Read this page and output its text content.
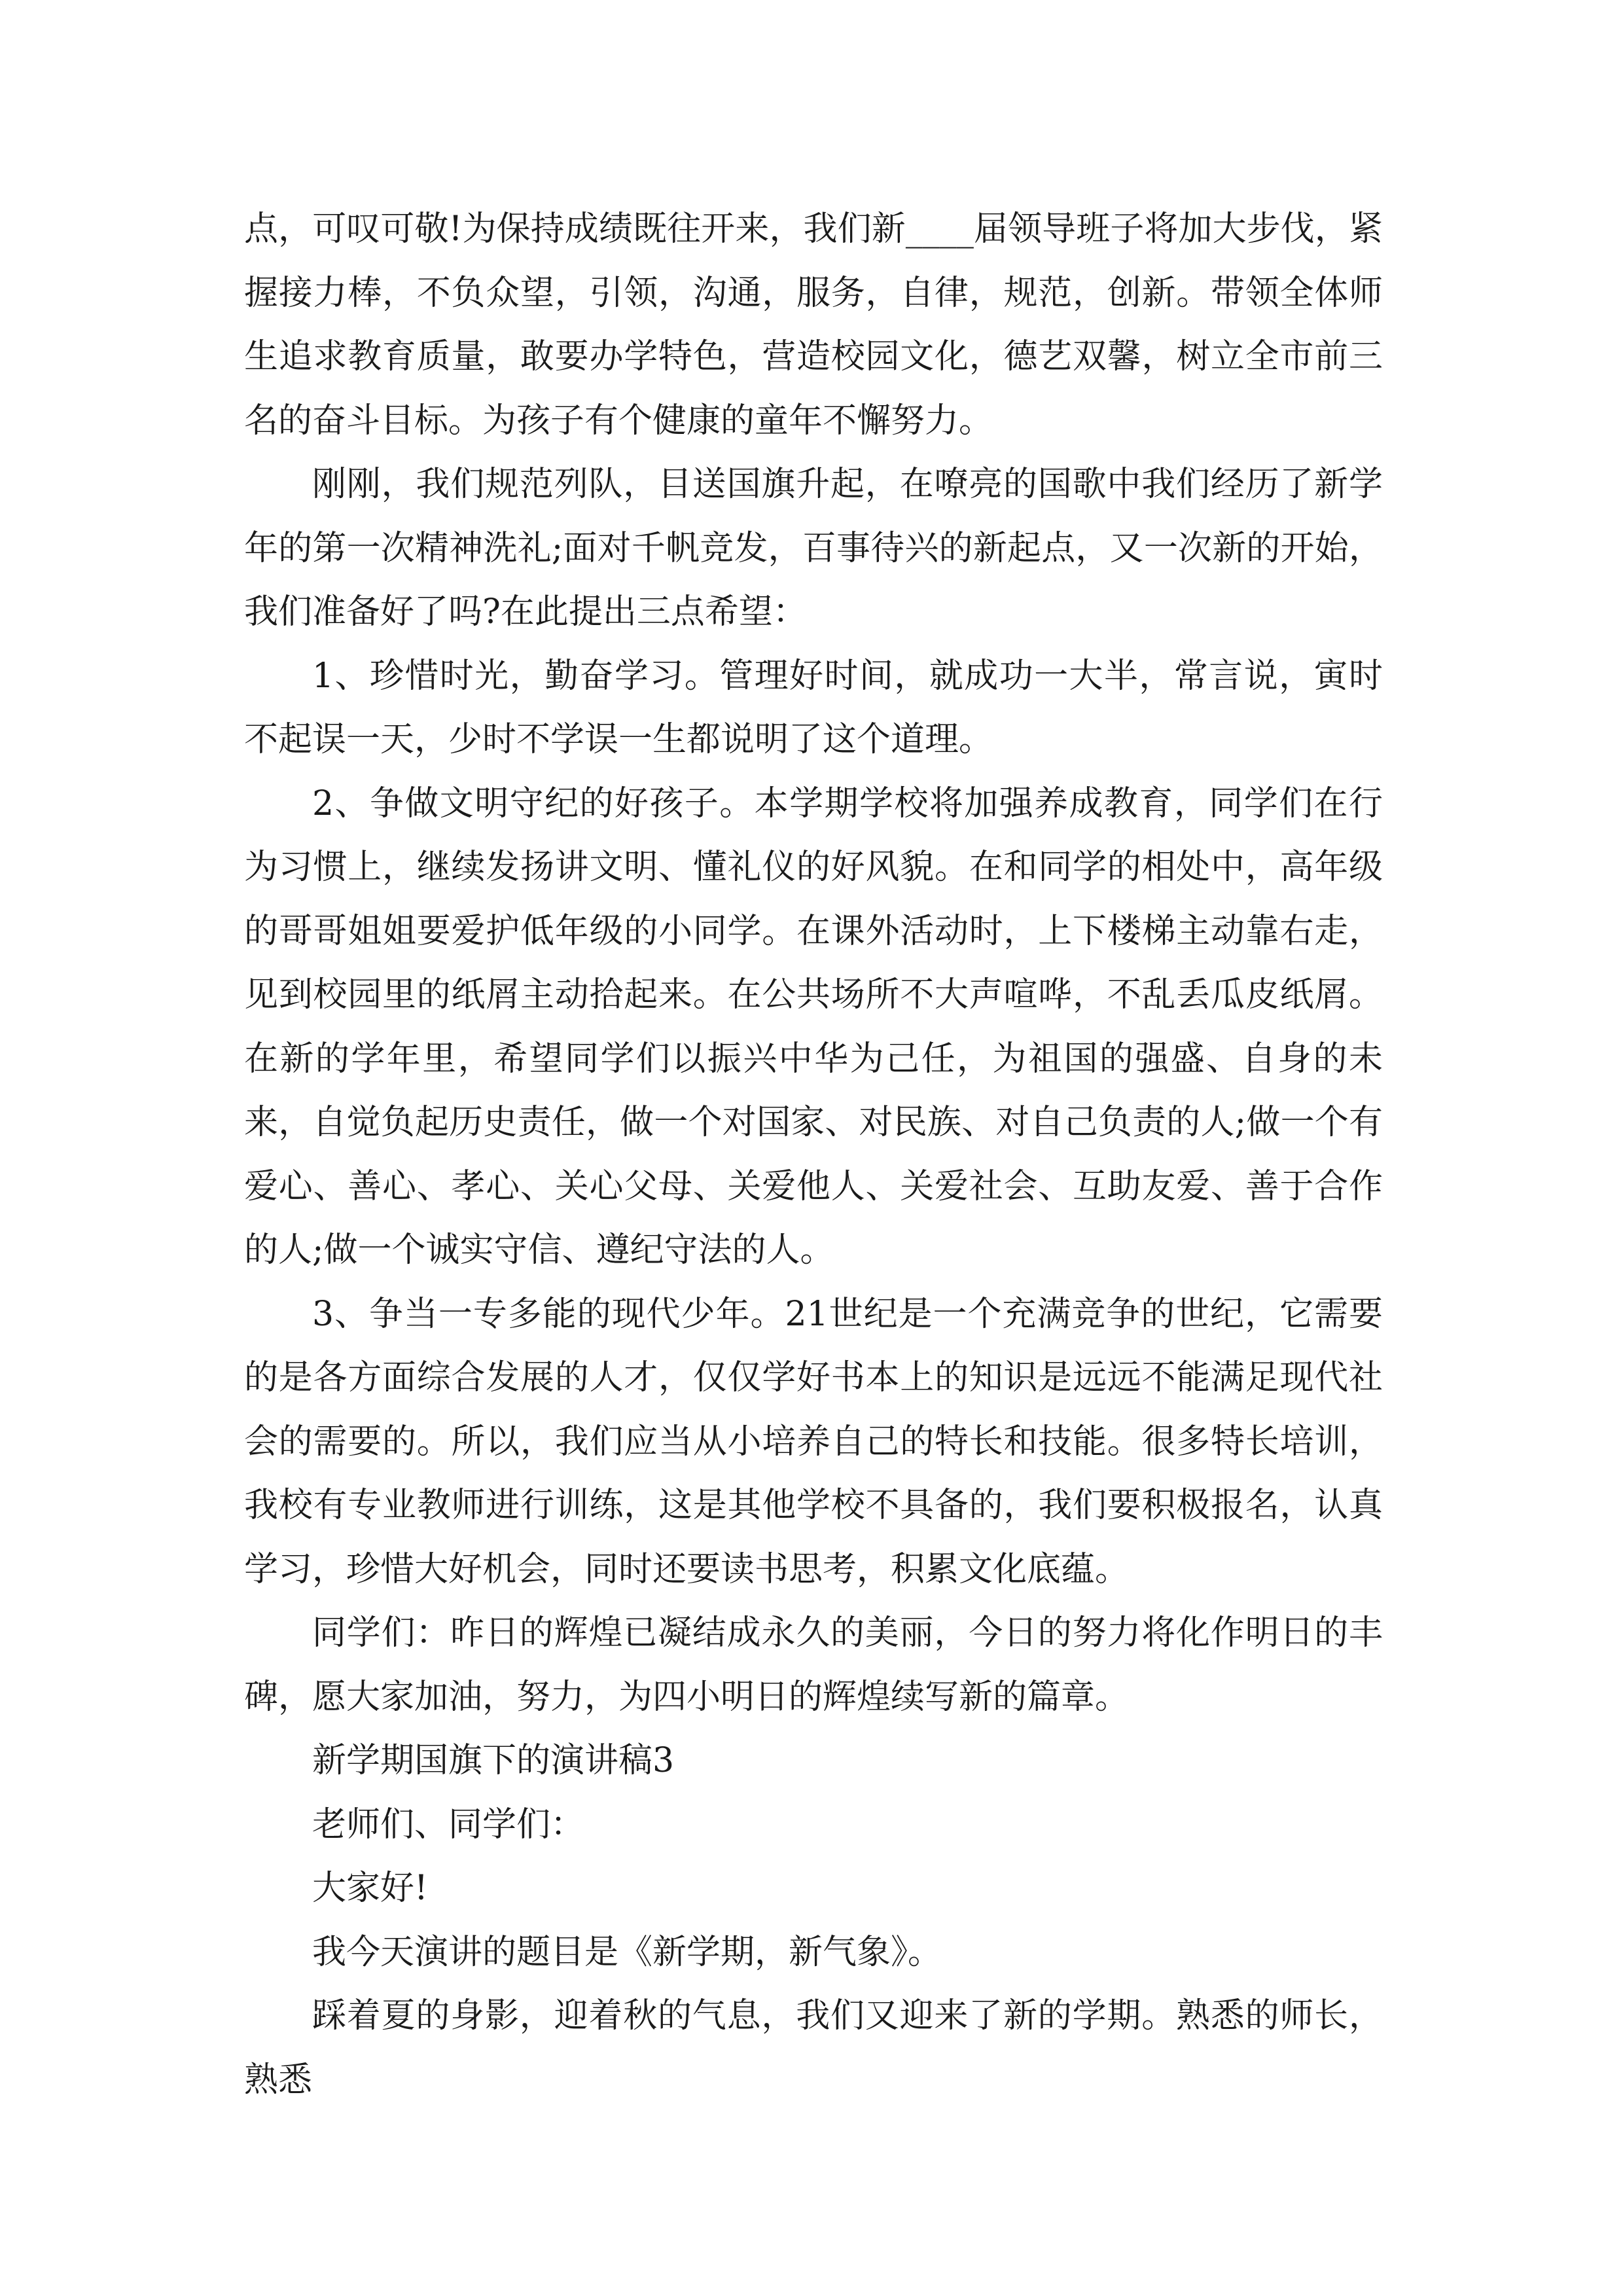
点，可叹可敬!为保持成绩既往开来，我们新____届领导班子将加大步伐，紧握接力棒，不负众望，引领，沟通，服务，自律，规范，创新。带领全体师生追求教育质量，敢要办学特色，营造校园文化，德艺双馨，树立全市前三名的奋斗目标。为孩子有个健康的童年不懈努力。

刚刚，我们规范列队，目送国旗升起，在嘹亮的国歌中我们经历了新学年的第一次精神洗礼;面对千帆竞发，百事待兴的新起点，又一次新的开始，我们准备好了吗?在此提出三点希望：

1、珍惜时光，勤奋学习。管理好时间，就成功一大半，常言说，寅时不起误一天，少时不学误一生都说明了这个道理。

2、争做文明守纪的好孩子。本学期学校将加强养成教育，同学们在行为习惯上，继续发扬讲文明、懂礼仪的好风貌。在和同学的相处中，高年级的哥哥姐姐要爱护低年级的小同学。在课外活动时，上下楼梯主动靠右走，见到校园里的纸屑主动拾起来。在公共场所不大声喧哗，不乱丢瓜皮纸屑。在新的学年里，希望同学们以振兴中华为己任，为祖国的强盛、自身的未来，自觉负起历史责任，做一个对国家、对民族、对自己负责的人;做一个有爱心、善心、孝心、关心父母、关爱他人、关爱社会、互助友爱、善于合作的人;做一个诚实守信、遵纪守法的人。

3、争当一专多能的现代少年。21世纪是一个充满竞争的世纪，它需要的是各方面综合发展的人才，仅仅学好书本上的知识是远远不能满足现代社会的需要的。所以，我们应当从小培养自己的特长和技能。很多特长培训，我校有专业教师进行训练，这是其他学校不具备的，我们要积极报名，认真学习，珍惜大好机会，同时还要读书思考，积累文化底蕴。

同学们：昨日的辉煌已凝结成永久的美丽，今日的努力将化作明日的丰碑，愿大家加油，努力，为四小明日的辉煌续写新的篇章。

新学期国旗下的演讲稿3

老师们、同学们：

大家好!

我今天演讲的题目是《新学期，新气象》。

踩着夏的身影，迎着秋的气息，我们又迎来了新的学期。熟悉的师长，熟悉
